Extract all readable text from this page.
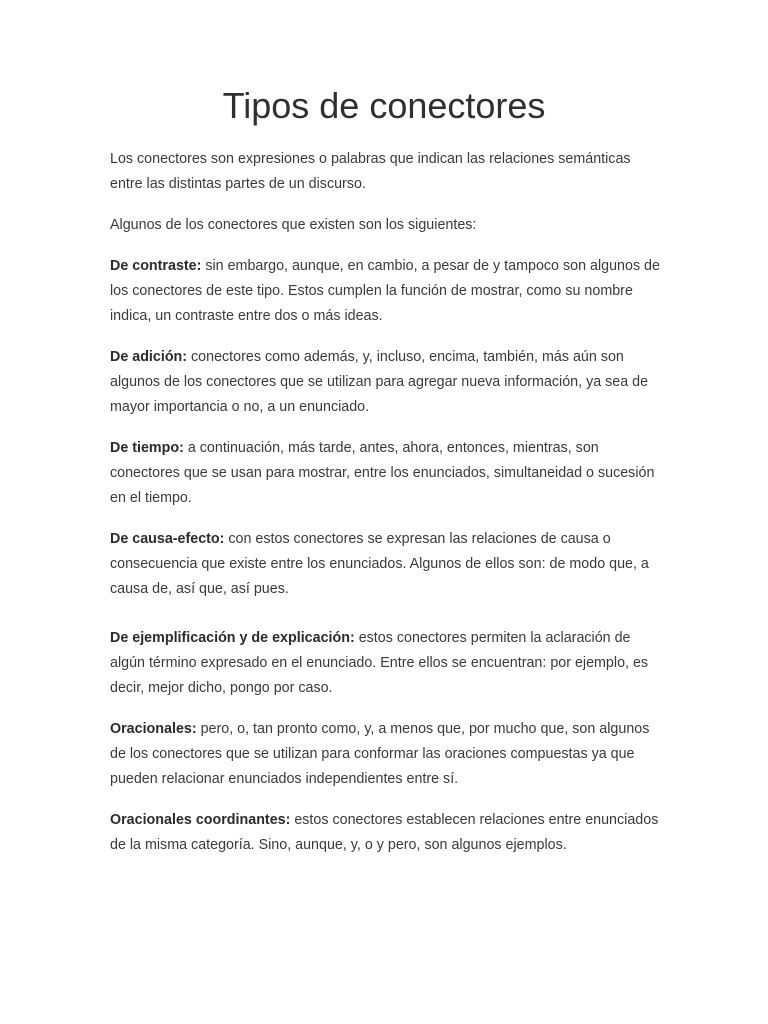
Tipos de conectores

Los conectores son expresiones o palabras que indican las relaciones semánticas entre las distintas partes de un discurso.

Algunos de los conectores que existen son los siguientes:

De contraste: sin embargo, aunque, en cambio, a pesar de y tampoco son algunos de los conectores de este tipo. Estos cumplen la función de mostrar, como su nombre indica, un contraste entre dos o más ideas.

De adición: conectores como además, y, incluso, encima, también, más aún son algunos de los conectores que se utilizan para agregar nueva información, ya sea de mayor importancia o no, a un enunciado.

De tiempo: a continuación, más tarde, antes, ahora, entonces, mientras, son conectores que se usan para mostrar, entre los enunciados, simultaneidad o sucesión en el tiempo.

De causa-efecto: con estos conectores se expresan las relaciones de causa o consecuencia que existe entre los enunciados. Algunos de ellos son: de modo que, a causa de, así que, así pues.

De ejemplificación y de explicación: estos conectores permiten la aclaración de algún término expresado en el enunciado. Entre ellos se encuentran: por ejemplo, es decir, mejor dicho, pongo por caso.

Oracionales: pero, o, tan pronto como, y, a menos que, por mucho que, son algunos de los conectores que se utilizan para conformar las oraciones compuestas ya que pueden relacionar enunciados independientes entre sí.

Oracionales coordinantes: estos conectores establecen relaciones entre enunciados de la misma categoría. Sino, aunque, y, o y pero, son algunos ejemplos.
